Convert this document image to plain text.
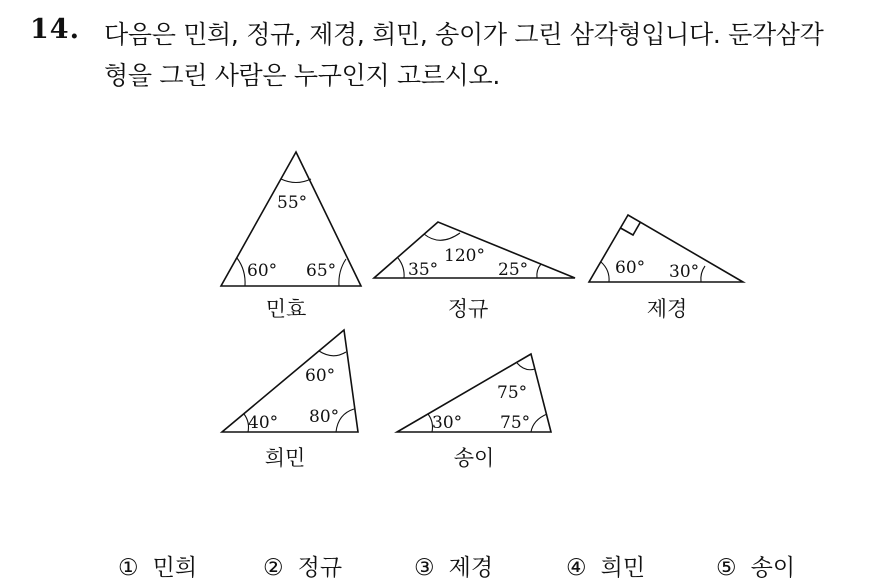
14. 다음은 민희, 정규, 제경, 희민, 송이가 그린 삼각형입니다. 둔각삼각
형을 그린 사람은 누구인지 고르시오.
55°
60° 65°
120°
35°	25°	60° 30°
60°
40° 80°
75°
30° 75°
민효	정규	제경
희민	송이
① 민희	② 정규	③ 제경	④ 희민	⑤ 송이
